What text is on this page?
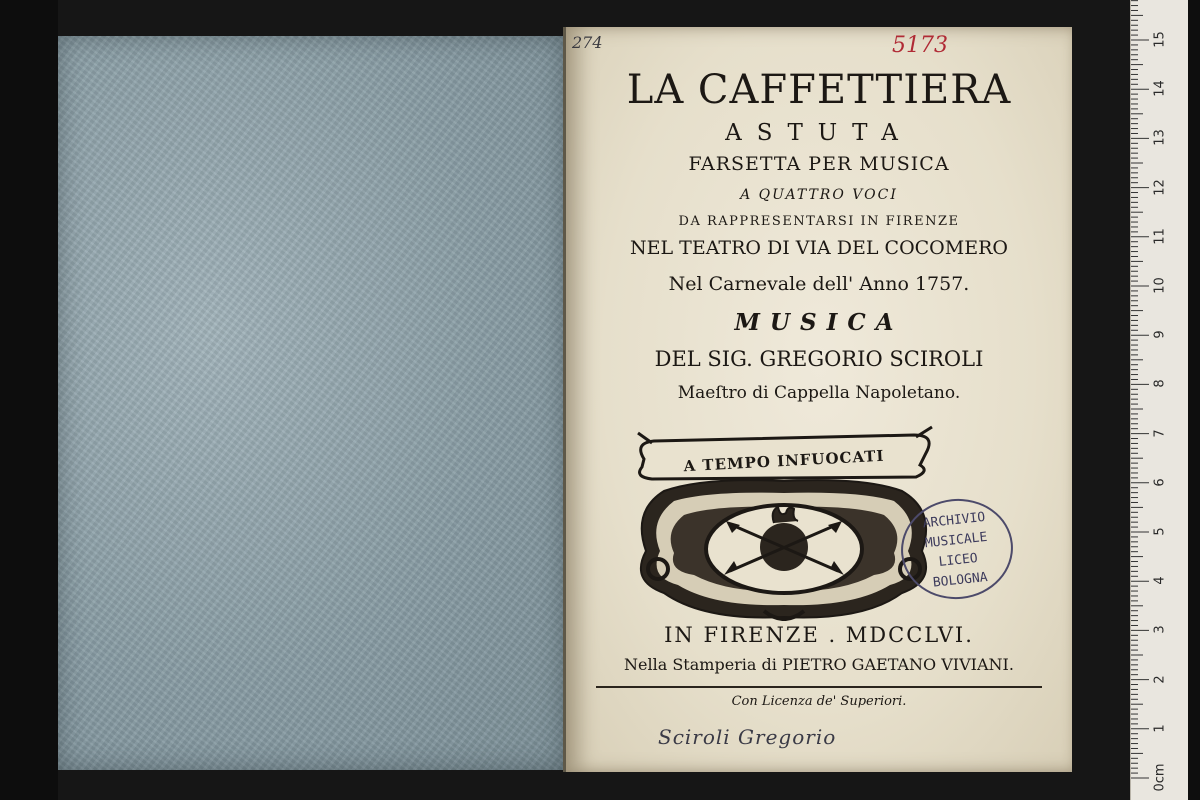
274	5173
LA CAFFETTIERA
ASTUTA
FARSETTA PER MUSICA
A QUATTRO VOCI
DA RAPPRESENTARSI IN FIRENZE
NEL TEATRO DI VIA DEL COCOMERO
Nel Carnevale dell' Anno 1757.
MUSICA
DEL SIG. GREGORIO SCIROLI
Maeſtro di Cappella Napoletano.
A TEMPO INFUOCATI
ARCHIVIO
MUSICALE
LICEO
BOLOGNA
IN FIRENZE . MDCCLVI.
Nella Stamperia di PIETRO GAETANO VIVIANI.
Con Licenza de' Superiori.
Sciroli Gregorio
0cm
1
2
3
4
5
6
7
8
9
10
11
12
13
14
15
